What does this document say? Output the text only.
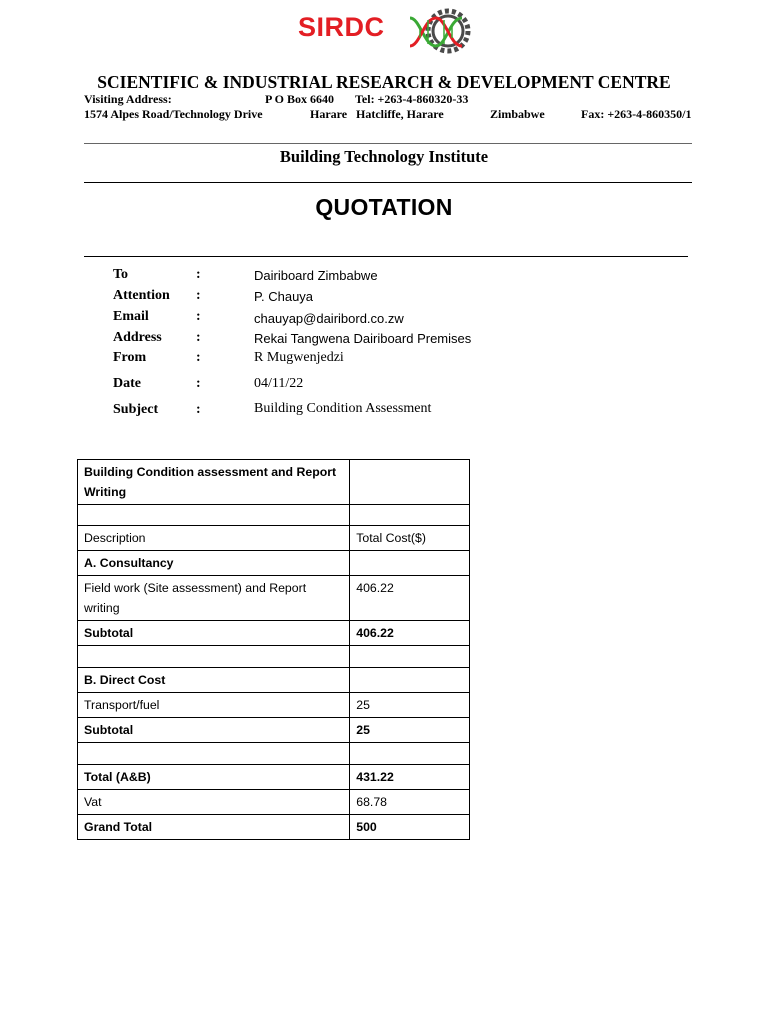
SIRDC
SCIENTIFIC & INDUSTRIAL RESEARCH & DEVELOPMENT CENTRE
Visiting Address:	P O Box 6640 Tel: +263-4-860320-33
1574 Alpes Road/Technology Drive	Harare Hatcliffe, Harare	Zimbabwe	Fax: +263-4-860350/1
Building Technology Institute
QUOTATION
To	:	Dairiboard Zimbabwe
Attention :	P. Chauya
Email	:	chauyap@dairibord.co.zw
Address :	Rekai Tangwena Dairiboard Premises
From	:	R Mugwenjedzi
Date	:	04/11/22
Subject	:	Building Condition Assessment
Building Condition assessment and Report Writing	

Description	Total Cost($)
A. Consultancy	
Field work (Site assessment) and Report writing	406.22
Subtotal	406.22

B. Direct Cost	
Transport/fuel	25
Subtotal	25

Total (A&B)	431.22
Vat	68.78
Grand Total	500
